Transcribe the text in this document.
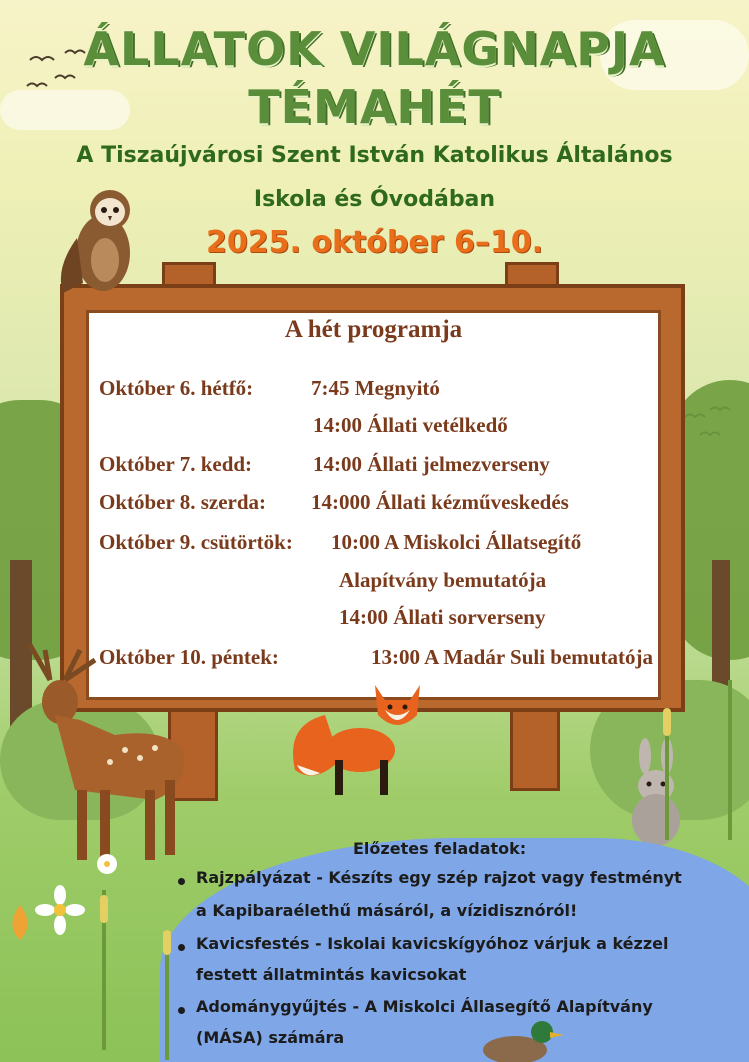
ÁLLATOK VILÁGNAPJA
TÉMAHÉT
A Tiszaújvárosi Szent István Katolikus Általános
Iskola és Óvodában
2025. október 6–10.
A hét programja
Október 6. hétfő:	7:45 Megnyitó
14:00 Állati vetélkedő
Október 7. kedd:	14:00 Állati jelmezverseny
Október 8. szerda: 14:000 Állati kézműveskedés
Október 9. csütörtök: 10:00 A Miskolci Állatsegítő
Alapítvány bemutatója
14:00 Állati sorverseny
Október 10. péntek:	13:00 A Madár Suli bemutatója
Előzetes feladatok:
Rajzpályázat - Készíts egy szép rajzot vagy festményt
a Kapibaraélethű másáról, a vízidisznóról!
Kavicsfestés - Iskolai kavicskígyóhoz várjuk a kézzel
festett állatmintás kavicsokat
Adománygyűjtés - A Miskolci Állasegítő Alapítvány
(MÁSA) számára
